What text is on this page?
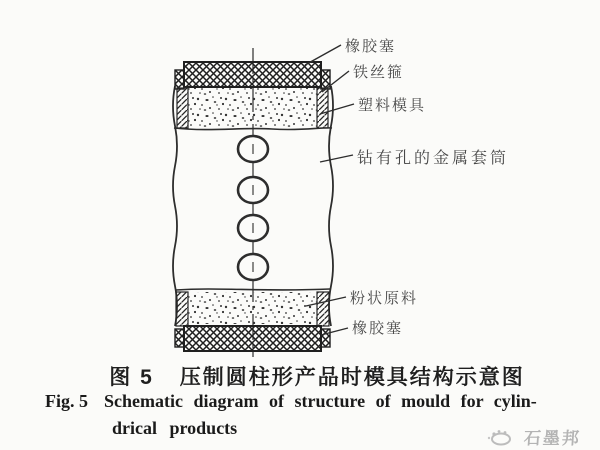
橡胶塞
铁丝箍
塑料模具
钻有孔的金属套筒
粉状原料
橡胶塞
图 5 压制圆柱形产品时模具结构示意图
Fig. 5 Schematic diagram of structure of mould for cylin-
drical products
石墨邦
